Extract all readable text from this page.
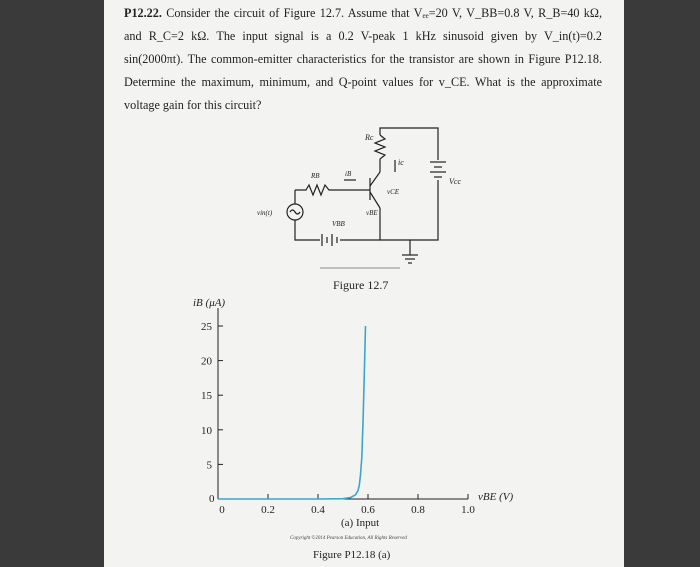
P12.22. Consider the circuit of Figure 12.7. Assume that Vₑₑ=20 V, V_BB=0.8 V, R_B=40 kΩ, and R_C=2 kΩ. The input signal is a 0.2 V-peak 1 kHz sinusoid given by V_in(t)=0.2 sin(2000πt). The common-emitter characteristics for the transistor are shown in Figure P12.18. Determine the maximum, minimum, and Q-point values for v_CE. What is the approximate voltage gain for this circuit?
Rc
ic
RB	iB
vCE
Vcc
vin(t)
VBB
vBE
Figure 12.7
5
10
15
20
25
0
0	0.2	0.4	0.6	0.8	1.0
iB (μA)
vBE (V)
(a) Input
Copyright ©2014 Pearson Education, All Rights Reserved
Figure P12.18 (a)
